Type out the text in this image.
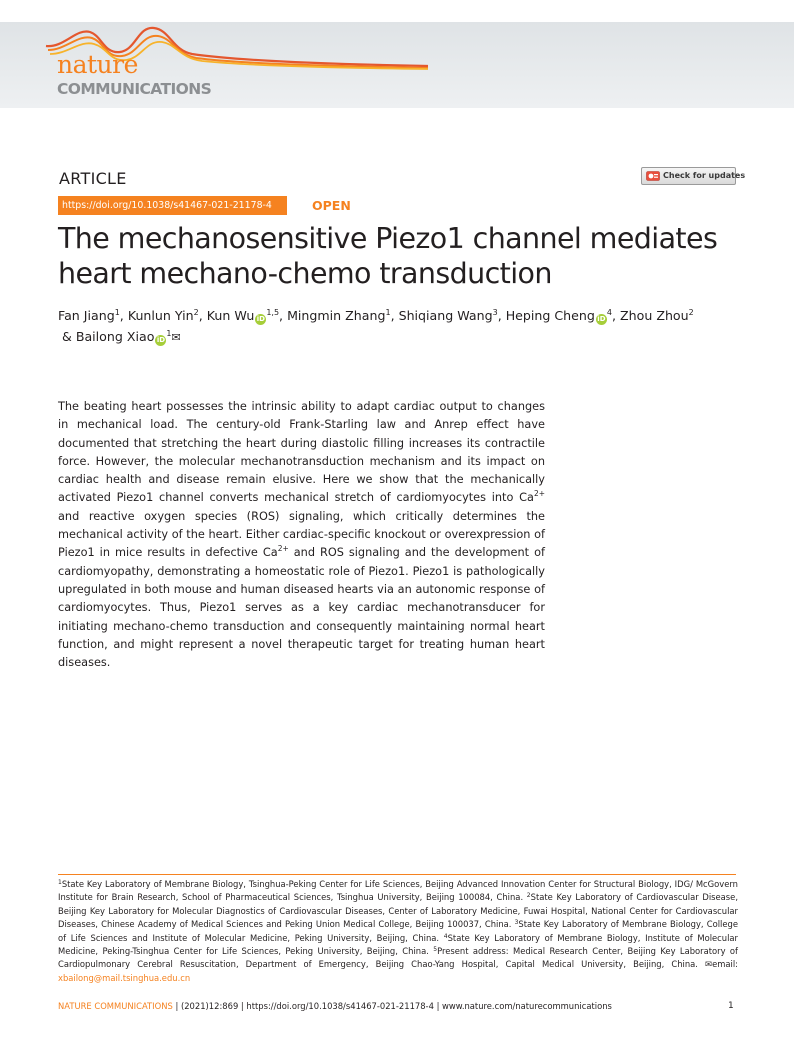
nature
COMMUNICATIONS
ARTICLE
https://doi.org/10.1038/s41467-021-21178-4	OPEN
Check for updates
The mechanosensitive Piezo1 channel mediates
heart mechano-chemo transduction
Fan Jiang$^1$, Kunlun Yin$^2$, Kun Wu iD$^{1,5}$, Mingmin Zhang$^1$, Shiqiang Wang$^3$, Heping Cheng $iD^4$, Zhou Zhou$^2$ & Bailong Xiao $iD^1✉$
The beating heart possesses the intrinsic ability to adapt cardiac output to changes in mechanical load. The century-old Frank-Starling law and Anrep effect have documented that stretching the heart during diastolic filling increases its contractile force. However, the molecular mechanotransduction mechanism and its impact on cardiac health and disease remain elusive. Here we show that the mechanically activated Piezo1 channel converts mechanical stretch of cardiomyocytes into $Ca^{2+}$ and reactive oxygen species (ROS) signaling, which critically determines the mechanical activity of the heart. Either cardiac-specific knockout or overexpression of Piezo1 in mice results in defective $Ca^{2+}$ and ROS signaling and the development of cardiomyopathy, demonstrating a homeostatic role of Piezo1. Piezo1 is pathologically upregulated in both mouse and human diseased hearts via an autonomic response of cardiomyocytes. Thus, Piezo1 serves as a key cardiac mechanotransducer for initiating mechano-chemo transduction and consequently maintaining normal heart function, and might represent a novel therapeutic target for treating human heart diseases.
$^1$State Key Laboratory of Membrane Biology, Tsinghua-Peking Center for Life Sciences, Beijing Advanced Innovation Center for Structural Biology, IDG/ McGovern Institute for Brain Research, School of Pharmaceutical Sciences, Tsinghua University, Beijing 100084, China. $^2$State Key Laboratory of Cardiovascular Disease, Beijing Key Laboratory for Molecular Diagnostics of Cardiovascular Diseases, Center of Laboratory Medicine, Fuwai Hospital, National Center for Cardiovascular Diseases, Chinese Academy of Medical Sciences and Peking Union Medical College, Beijing 100037, China. $^3$State Key Laboratory of Membrane Biology, College of Life Sciences and Institute of Molecular Medicine, Peking University, Beijing, China. $^4$State Key Laboratory of Membrane Biology, Institute of Molecular Medicine, Peking-Tsinghua Center for Life Sciences, Peking University, Beijing, China. $^5$Present address: Medical Research Center, Beijing Key Laboratory of Cardiopulmonary Cerebral Resuscitation, Department of Emergency, Beijing Chao-Yang Hospital, Capital Medical University, Beijing, China. ✉email: xbailong@mail.tsinghua.edu.cn
NATURE COMMUNICATIONS | (2021)12:869 | https://doi.org/10.1038/s41467-021-21178-4 | www.nature.com/naturecommunications	1
